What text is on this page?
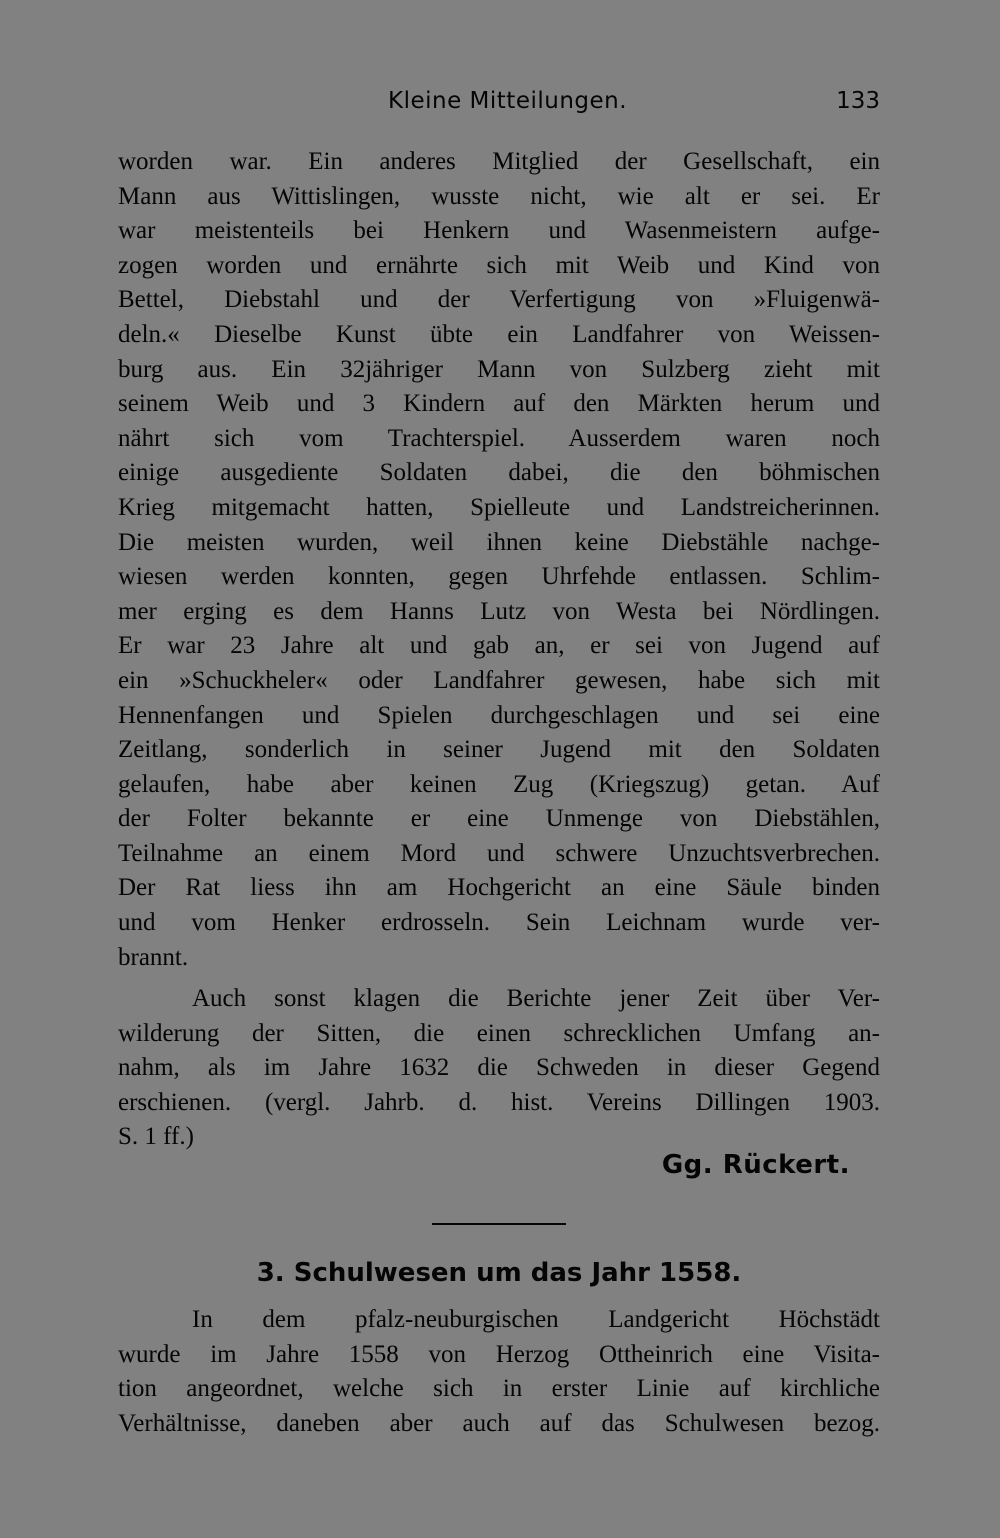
Kleine Mitteilungen.	133
worden war. Ein anderes Mitglied der Gesellschaft, ein
Mann aus Wittislingen, wusste nicht, wie alt er sei. Er
war meistenteils bei Henkern und Wasenmeistern aufge-
zogen worden und ernährte sich mit Weib und Kind von
Bettel, Diebstahl und der Verfertigung von »Fluigenwä-
deln.« Dieselbe Kunst übte ein Landfahrer von Weissen-
burg aus. Ein 32jähriger Mann von Sulzberg zieht mit
seinem Weib und 3 Kindern auf den Märkten herum und
nährt sich vom Trachterspiel. Ausserdem waren noch
einige ausgediente Soldaten dabei, die den böhmischen
Krieg mitgemacht hatten, Spielleute und Landstreicherinnen.
Die meisten wurden, weil ihnen keine Diebstähle nachge-
wiesen werden konnten, gegen Uhrfehde entlassen. Schlim-
mer erging es dem Hanns Lutz von Westa bei Nördlingen.
Er war 23 Jahre alt und gab an, er sei von Jugend auf
ein »Schuckheler« oder Landfahrer gewesen, habe sich mit
Hennenfangen und Spielen durchgeschlagen und sei eine
Zeitlang, sonderlich in seiner Jugend mit den Soldaten
gelaufen, habe aber keinen Zug (Kriegszug) getan. Auf
der Folter bekannte er eine Unmenge von Diebstählen,
Teilnahme an einem Mord und schwere Unzuchtsverbrechen.
Der Rat liess ihn am Hochgericht an eine Säule binden
und vom Henker erdrosseln. Sein Leichnam wurde ver-
brannt.
Auch sonst klagen die Berichte jener Zeit über Ver-
wilderung der Sitten, die einen schrecklichen Umfang an-
nahm, als im Jahre 1632 die Schweden in dieser Gegend
erschienen. (vergl. Jahrb. d. hist. Vereins Dillingen 1903.
S. 1 ff.)
Gg. Rückert.
3. Schulwesen um das Jahr 1558.
In dem pfalz-neuburgischen Landgericht Höchstädt
wurde im Jahre 1558 von Herzog Ottheinrich eine Visita-
tion angeordnet, welche sich in erster Linie auf kirchliche
Verhältnisse, daneben aber auch auf das Schulwesen bezog.
